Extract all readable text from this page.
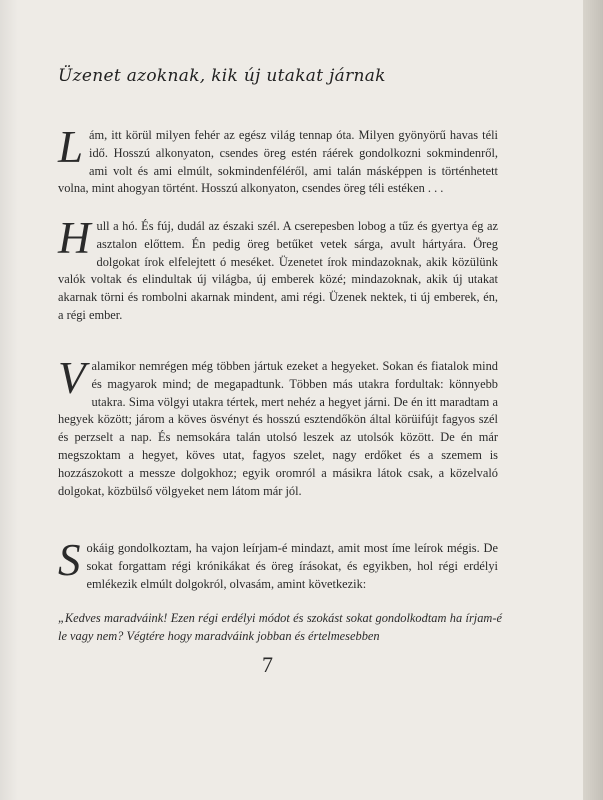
Üzenet azoknak, kik új utakat járnak

Lám, itt körül milyen fehér az egész világ tennap óta. Milyen gyönyörű havas téli idő. Hosszú alkonyaton, csendes öreg estén ráérek gondolkozni sokmindenről, ami volt és ami elmúlt, sokmindenféléről, ami talán másképpen is történhetett volna, mint ahogyan történt. Hosszú alkonyaton, csendes öreg téli estéken . . .

Hull a hó. És fúj, dudál az északi szél. A cserepesben lobog a tűz és gyertya ég az asztalon előttem. Én pedig öreg betűket vetek sárga, avult hártyára. Öreg dolgokat írok elfelejtett ó meséket. Üzenetet írok mindazoknak, akik közülünk valók voltak és elindultak új világba, új emberek közé; mindazoknak, akik új utakat akarnak törni és rombolni akarnak mindent, ami régi. Üzenek nektek, ti új emberek, én, a régi ember.

Valamikor nemrégen még többen jártuk ezeket a hegyeket. Sokan és fiatalok mind és magyarok mind; de megapadtunk. Többen más utakra fordultak: könnyebb utakra. Sima völgyi utakra tértek, mert nehéz a hegyet járni. De én itt maradtam a hegyek között; járom a köves ösvényt és hosszú esztendőkön által körüifújt fagyos szél és perzselt a nap. És nemsokára talán utolsó leszek az utolsók között. De én már megszoktam a hegyet, köves utat, fagyos szelet, nagy erdőket és a szemem is hozzászokott a messze dolgokhoz; egyik oromról a másikra látok csak, a közelvaló dolgokat, közbülső völgyeket nem látom már jól.

Sokáig gondolkoztam, ha vajon leírjam-é mindazt, amit most íme leírok mégis. De sokat forgattam régi krónikákat és öreg írásokat, és egyikben, hol régi erdélyi emlékezik elmúlt dolgokról, olvasám, amint következik:

„Kedves maradváink! Ezen régi erdélyi módot és szokást sokat gondolkodtam ha írjam-é le vagy nem? Végtére hogy maradváink jobban és értelmesebben

7
